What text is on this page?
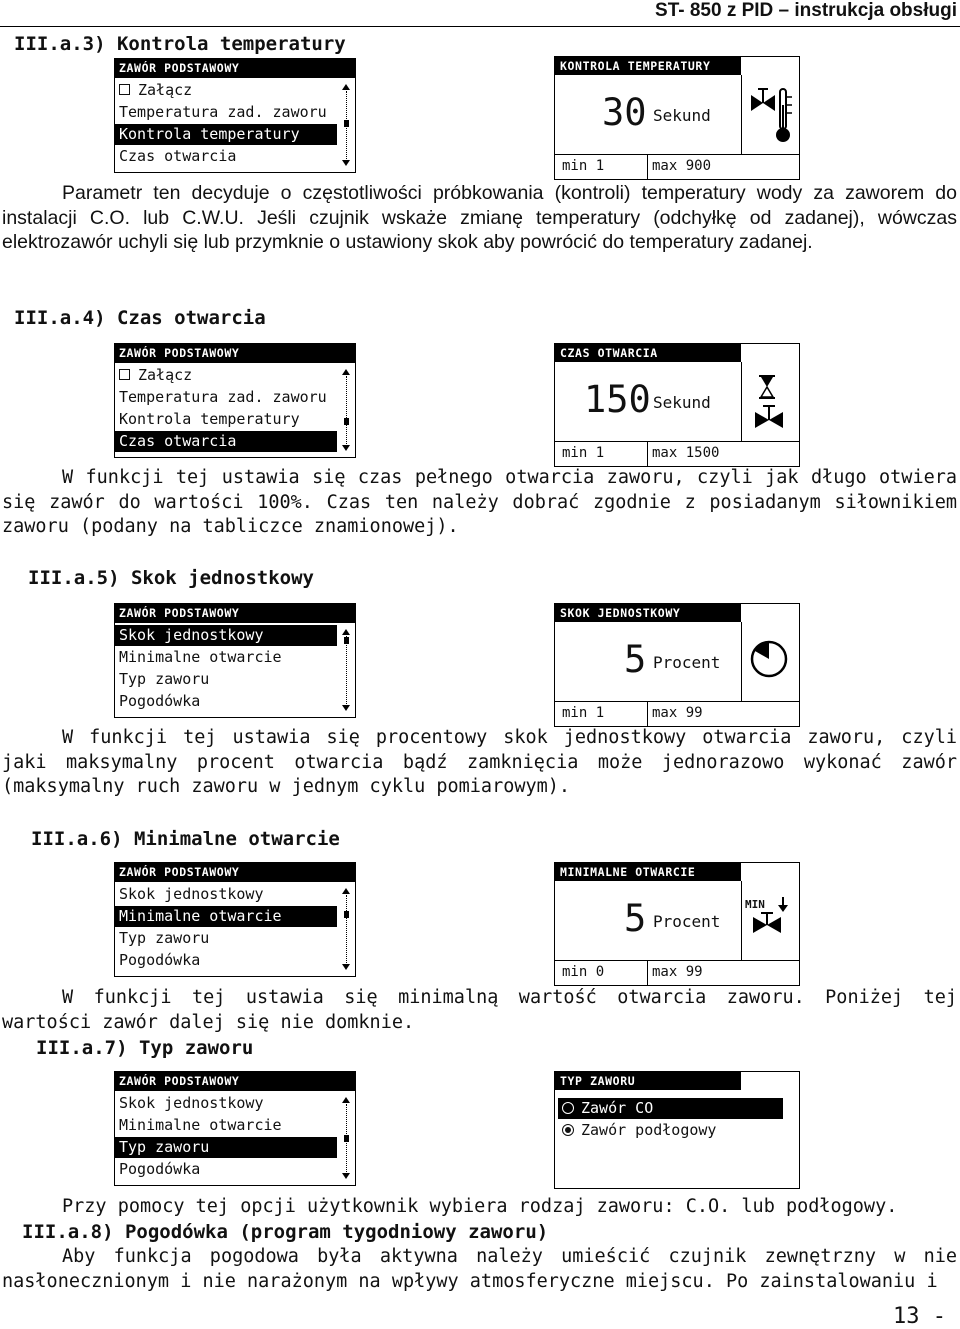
ST- 850 z PID – instrukcja obsługi
III.a.3) Kontrola temperatury
ZAWÓR PODSTAWOWY
Załącz
Temperatura zad. zaworu
Kontrola temperatury
Czas otwarcia
KONTROLA TEMPERATURY
30 Sekund
min 1	max 900

Parametr ten decyduje o częstotliwości próbkowania (kontroli) temperatury wody za zaworem do instalacji C.O. lub C.W.U. Jeśli czujnik wskaże zmianę temperatury (odchyłkę od zadanej), wówczas elektrozawór uchyli się lub przymknie o ustawiony skok aby powrócić do temperatury zadanej.

III.a.4) Czas otwarcia
ZAWÓR PODSTAWOWY
Załącz
Temperatura zad. zaworu
Kontrola temperatury
Czas otwarcia
CZAS OTWARCIA
150 Sekund
min 1	max 1500

W funkcji tej ustawia się czas pełnego otwarcia zaworu, czyli jak długo otwiera się zawór do wartości 100%. Czas ten należy dobrać zgodnie z posiadanym siłownikiem zaworu (podany na tabliczce znamionowej).

III.a.5) Skok jednostkowy
ZAWÓR PODSTAWOWY
Skok jednostkowy
Minimalne otwarcie
Typ zaworu
Pogodówka
SKOK JEDNOSTKOWY
5 Procent
min 1	max 99

W funkcji tej ustawia się procentowy skok jednostkowy otwarcia zaworu, czyli jaki maksymalny procent otwarcia bądź zamknięcia może jednorazowo wykonać zawór (maksymalny ruch zaworu w jednym cyklu pomiarowym).

III.a.6) Minimalne otwarcie
ZAWÓR PODSTAWOWY
Skok jednostkowy
Minimalne otwarcie
Typ zaworu
Pogodówka
MINIMALNE OTWARCIE
5 Procent
min 0	max 99
MIN

W funkcji tej ustawia się minimalną wartość otwarcia zaworu. Poniżej tej wartości zawór dalej się nie domknie.

III.a.7) Typ zaworu
ZAWÓR PODSTAWOWY
Skok jednostkowy
Minimalne otwarcie
Typ zaworu
Pogodówka
TYP ZAWORU
Zawór CO
Zawór podłogowy

Przy pomocy tej opcji użytkownik wybiera rodzaj zaworu: C.O. lub podłogowy.

III.a.8) Pogodówka (program tygodniowy zaworu)

Aby funkcja pogodowa była aktywna należy umieścić czujnik zewnętrzny w nie nasłonecznionym i nie narażonym na wpływy atmosferyczne miejscu. Po zainstalowaniu i

13 -
